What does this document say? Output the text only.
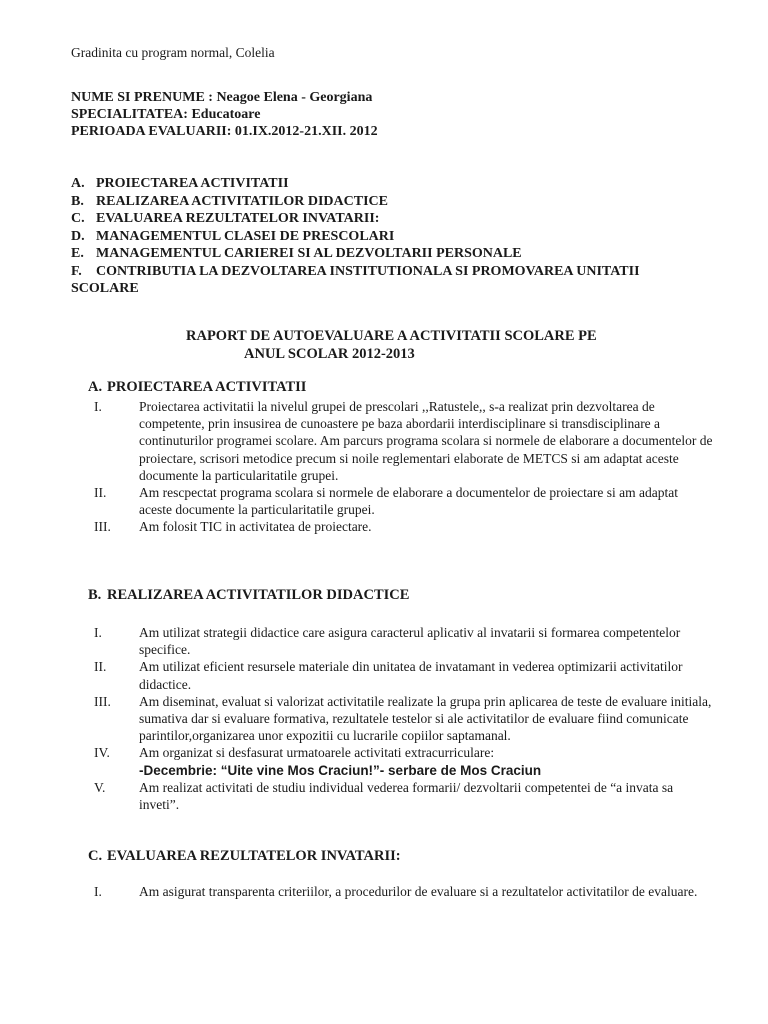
Gradinita cu program normal, Colelia
NUME SI PRENUME : Neagoe Elena - Georgiana
SPECIALITATEA: Educatoare
PERIOADA EVALUARII: 01.IX.2012-21.XII. 2012
A. PROIECTAREA ACTIVITATII
B. REALIZAREA ACTIVITATILOR DIDACTICE
C. EVALUAREA REZULTATELOR INVATARII:
D. MANAGEMENTUL CLASEI DE PRESCOLARI
E. MANAGEMENTUL CARIEREI SI AL DEZVOLTARII PERSONALE
F.	CONTRIBUTIA LA DEZVOLTAREA INSTITUTIONALA SI PROMOVAREA UNITATII
SCOLARE
RAPORT DE AUTOEVALUARE A ACTIVITATII SCOLARE PE
ANUL SCOLAR 2012-2013
A. PROIECTAREA ACTIVITATII
I.	Proiectarea activitatii la nivelul grupei de prescolari ,,Ratustele,, s-a realizat prin dezvoltarea de competente, prin insusirea de cunoastere pe baza abordarii interdisciplinare si transdisciplinare a continuturilor programei scolare. Am parcurs programa scolara si normele de elaborare a documentelor de proiectare, scrisori metodice precum si noile reglementari elaborate de METCS si am adaptat aceste documente la particularitatile grupei.
II.	Am rescpectat programa scolara si normele de elaborare a documentelor de proiectare si am adaptat aceste documente la particularitatile grupei.
III.	Am folosit TIC in activitatea de proiectare.
B. REALIZAREA ACTIVITATILOR DIDACTICE
I.	Am utilizat strategii didactice care asigura caracterul aplicativ al invatarii si formarea competentelor specifice.
II.	Am utilizat eficient resursele materiale din unitatea de invatamant in vederea optimizarii activitatilor didactice.
III.	Am diseminat, evaluat si valorizat activitatile realizate la grupa prin aplicarea de teste de evaluare initiala, sumativa dar si evaluare formativa, rezultatele testelor si ale activitatilor de evaluare fiind comunicate parintilor,organizarea unor expozitii cu lucrarile copiilor saptamanal.
IV.	Am organizat si desfasurat urmatoarele activitati extracurriculare:
-Decembrie: “Uite vine Mos Craciun!”- serbare de Mos Craciun
V.	Am realizat activitati de studiu individual vederea formarii/ dezvoltarii competentei de “a invata sa inveti”.
C. EVALUAREA REZULTATELOR INVATARII:
I.	Am asigurat transparenta criteriilor, a procedurilor de evaluare si a rezultatelor activitatilor de evaluare.
